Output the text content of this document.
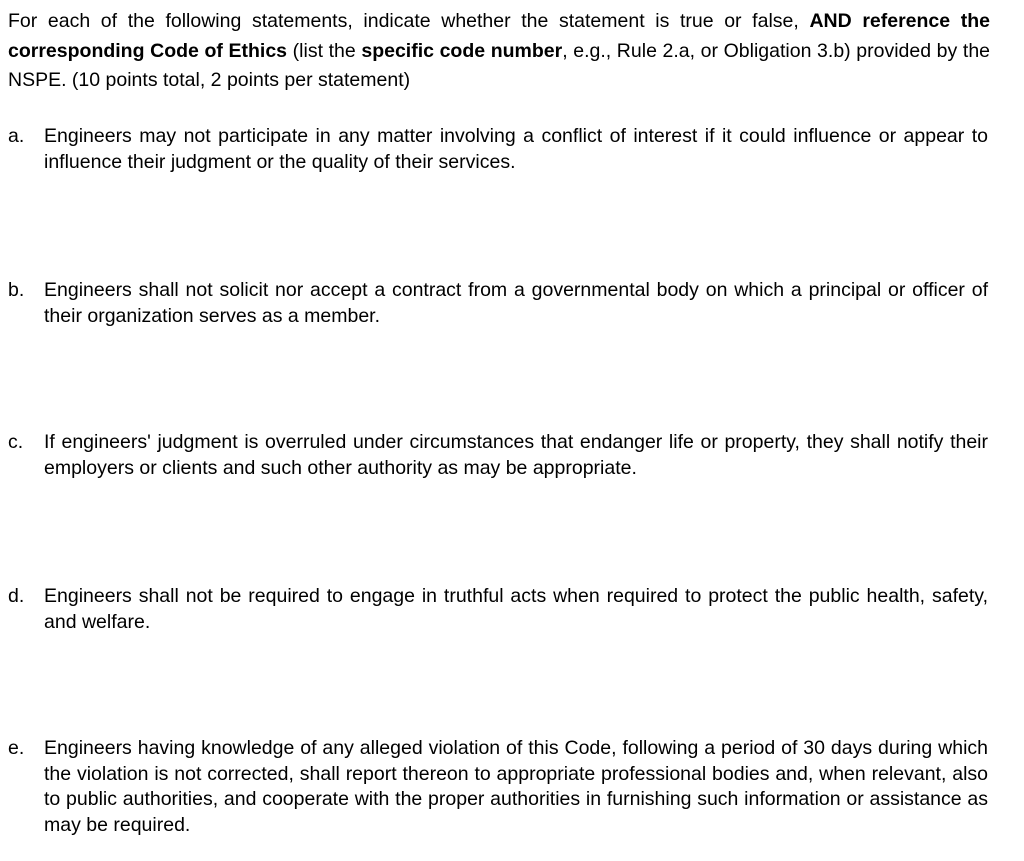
For each of the following statements, indicate whether the statement is true or false, AND reference the corresponding Code of Ethics (list the specific code number, e.g., Rule 2.a, or Obligation 3.b) provided by the NSPE. (10 points total, 2 points per statement)

a.	Engineers may not participate in any matter involving a conflict of interest if it could influence or appear to influence their judgment or the quality of their services.
b.	Engineers shall not solicit nor accept a contract from a governmental body on which a principal or officer of their organization serves as a member.
c.	If engineers' judgment is overruled under circumstances that endanger life or property, they shall notify their employers or clients and such other authority as may be appropriate.
d.	Engineers shall not be required to engage in truthful acts when required to protect the public health, safety, and welfare.
e.	Engineers having knowledge of any alleged violation of this Code, following a period of 30 days during which the violation is not corrected, shall report thereon to appropriate professional bodies and, when relevant, also to public authorities, and cooperate with the proper authorities in furnishing such information or assistance as may be required.
